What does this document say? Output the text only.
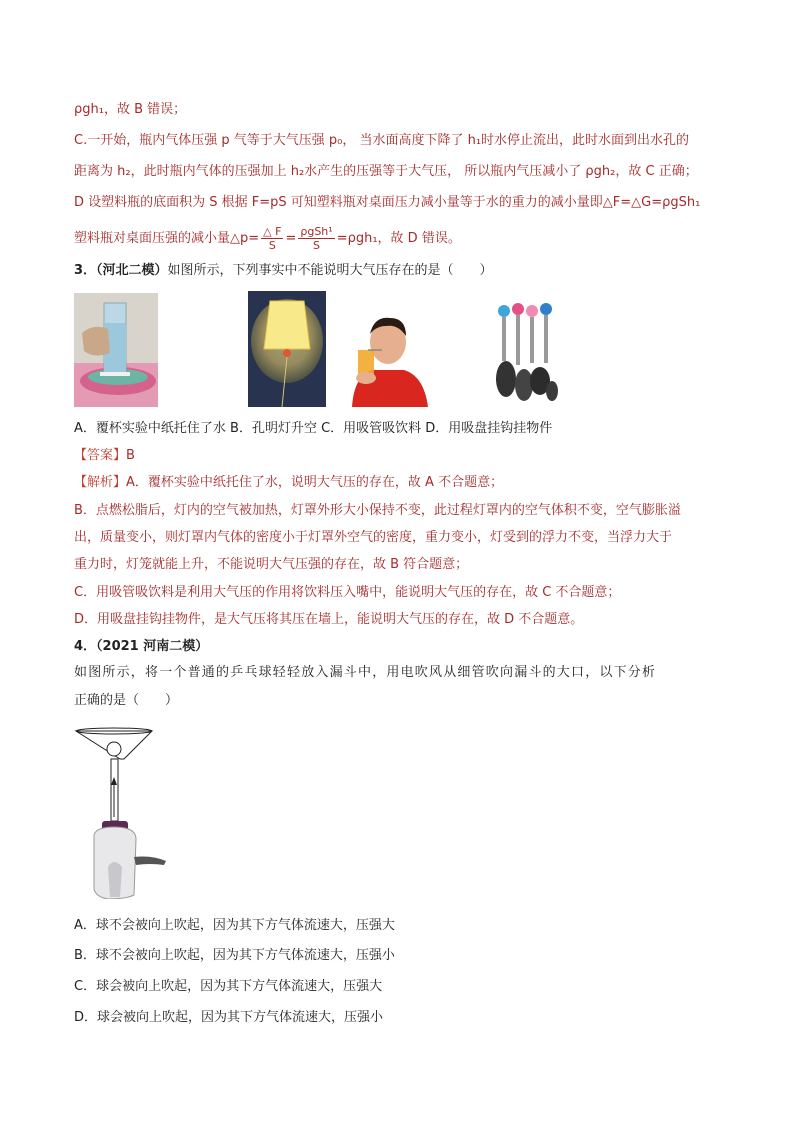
ρgh₁，故 B 错误；
C.一开始，瓶内气体压强 p 气等于大气压强 p₀， 当水面高度下降了 h₁时水停止流出，此时水面到出水孔的
距离为 h₂，此时瓶内气体的压强加上 h₂水产生的压强等于大气压， 所以瓶内气压减小了 ρgh₂，故 C 正确；
D 设塑料瓶的底面积为 S 根据 F=pS 可知塑料瓶对桌面压力减小量等于水的重力的减小量即△F=△G=ρgSh₁
塑料瓶对桌面压强的减小量△p= $\frac{\triangle F}{S} = \frac{\text{ρgSh¹}}{S} =\rho gh_1$，故 D 错误。
3．（河北二模）如图所示，下列事实中不能说明大气压存在的是（　　）
A．覆杯实验中纸托住了水 B．孔明灯升空 C．用吸管吸饮料 D．用吸盘挂钩挂物件
【答案】B
【解析】A．覆杯实验中纸托住了水，说明大气压的存在，故 A 不合题意；
B．点燃松脂后，灯内的空气被加热，灯罩外形大小保持不变，此过程灯罩内的空气体积不变，空气膨胀溢
出，质量变小，则灯罩内气体的密度小于灯罩外空气的密度，重力变小，灯受到的浮力不变，当浮力大于
重力时，灯笼就能上升，不能说明大气压强的存在，故 B 符合题意；
C．用吸管吸饮料是利用大气压的作用将饮料压入嘴中，能说明大气压的存在，故 C 不合题意；
D．用吸盘挂钩挂物件，是大气压将其压在墙上，能说明大气压的存在，故 D 不合题意。
4．（2021 河南二模）
如图所示，将一个普通的乒乓球轻轻放入漏斗中，用电吹风从细管吹向漏斗的大口，以下分析
正确的是（　　）
A．球不会被向上吹起，因为其下方气体流速大，压强大
B．球不会被向上吹起，因为其下方气体流速大，压强小
C．球会被向上吹起，因为其下方气体流速大，压强大
D．球会被向上吹起，因为其下方气体流速大，压强小
